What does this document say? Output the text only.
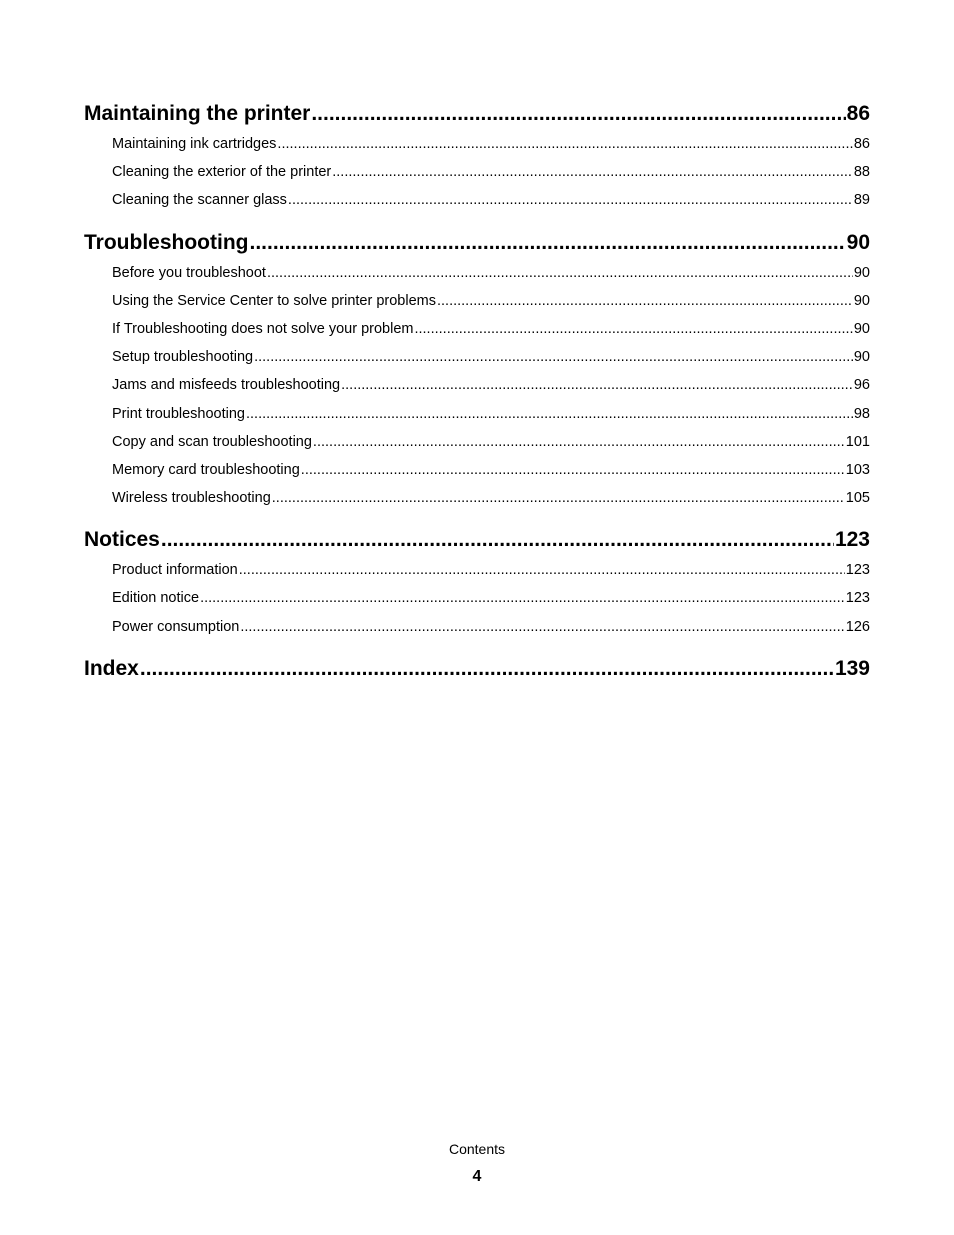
Maintaining the printer .....	86
Maintaining ink cartridges .....	86
Cleaning the exterior of the printer .....	88
Cleaning the scanner glass .....	89
Troubleshooting .....	90
Before you troubleshoot .....	90
Using the Service Center to solve printer problems .....	90
If Troubleshooting does not solve your problem .....	90
Setup troubleshooting .....	90
Jams and misfeeds troubleshooting .....	96
Print troubleshooting .....	98
Copy and scan troubleshooting .....	101
Memory card troubleshooting .....	103
Wireless troubleshooting .....	105
Notices .....	123
Product information .....	123
Edition notice .....	123
Power consumption .....	126
Index .....	139
Contents
4
